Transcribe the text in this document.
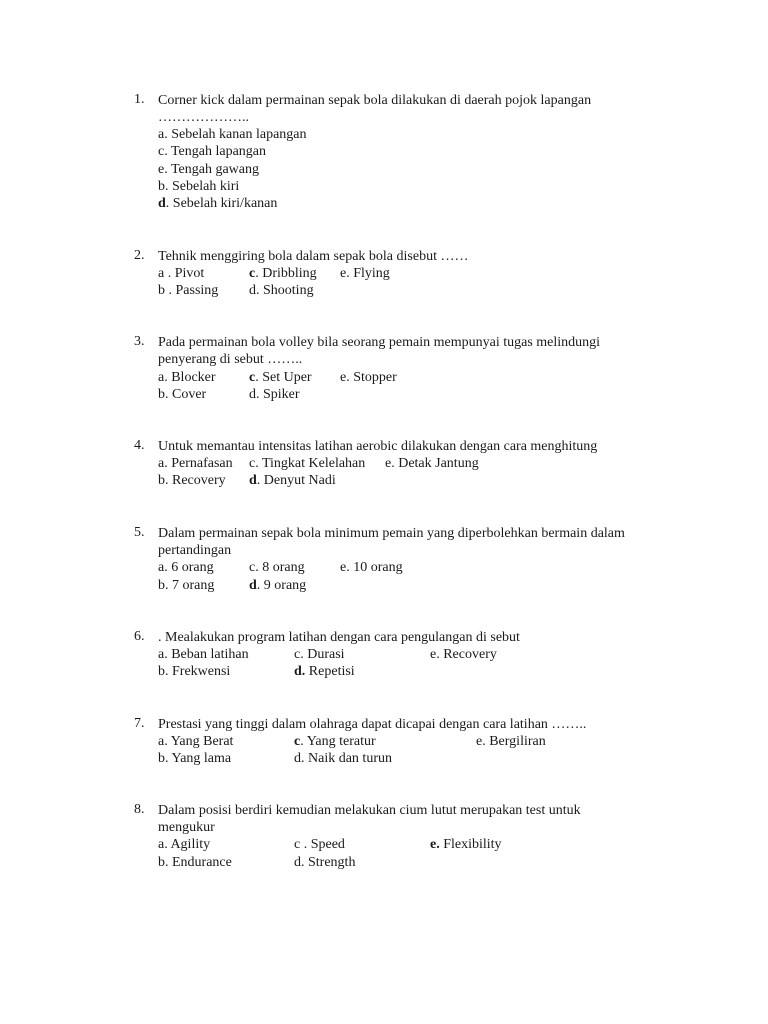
1. Corner kick dalam permainan sepak bola dilakukan di daerah pojok lapangan
………………..
a. Sebelah kanan lapangan
c. Tengah lapangan
e. Tengah gawang
b. Sebelah kiri
d. Sebelah kiri/kanan
2. Tehnik menggiring bola dalam sepak bola disebut ……
a . Pivot	c. Dribbling e. Flying
b . Passing d. Shooting
3. Pada permainan bola volley bila seorang pemain mempunyai tugas melindungi
penyerang di sebut ……..
a. Blocker c. Set Uper e. Stopper
b. Cover	d. Spiker
4. Untuk memantau intensitas latihan aerobic dilakukan dengan cara menghitung
a. Pernafasan c. Tingkat Kelelahan e. Detak Jantung
b. Recovery d. Denyut Nadi
5. Dalam permainan sepak bola minimum pemain yang diperbolehkan bermain dalam
pertandingan
a. 6 orang	c. 8 orang	e. 10 orang
b. 7 orang d. 9 orang
6. . Mealakukan program latihan dengan cara pengulangan di sebut
a. Beban latihan	c. Durasi	e. Recovery
b. Frekwensi	d. Repetisi
7. Prestasi yang tinggi dalam olahraga dapat dicapai dengan cara latihan ……..
a. Yang Berat	c. Yang teratur	e. Bergiliran
b. Yang lama	d. Naik dan turun
8. Dalam posisi berdiri kemudian melakukan cium lutut merupakan test untuk
mengukur
a. Agility	c . Speed	e. Flexibility
b. Endurance	d. Strength
